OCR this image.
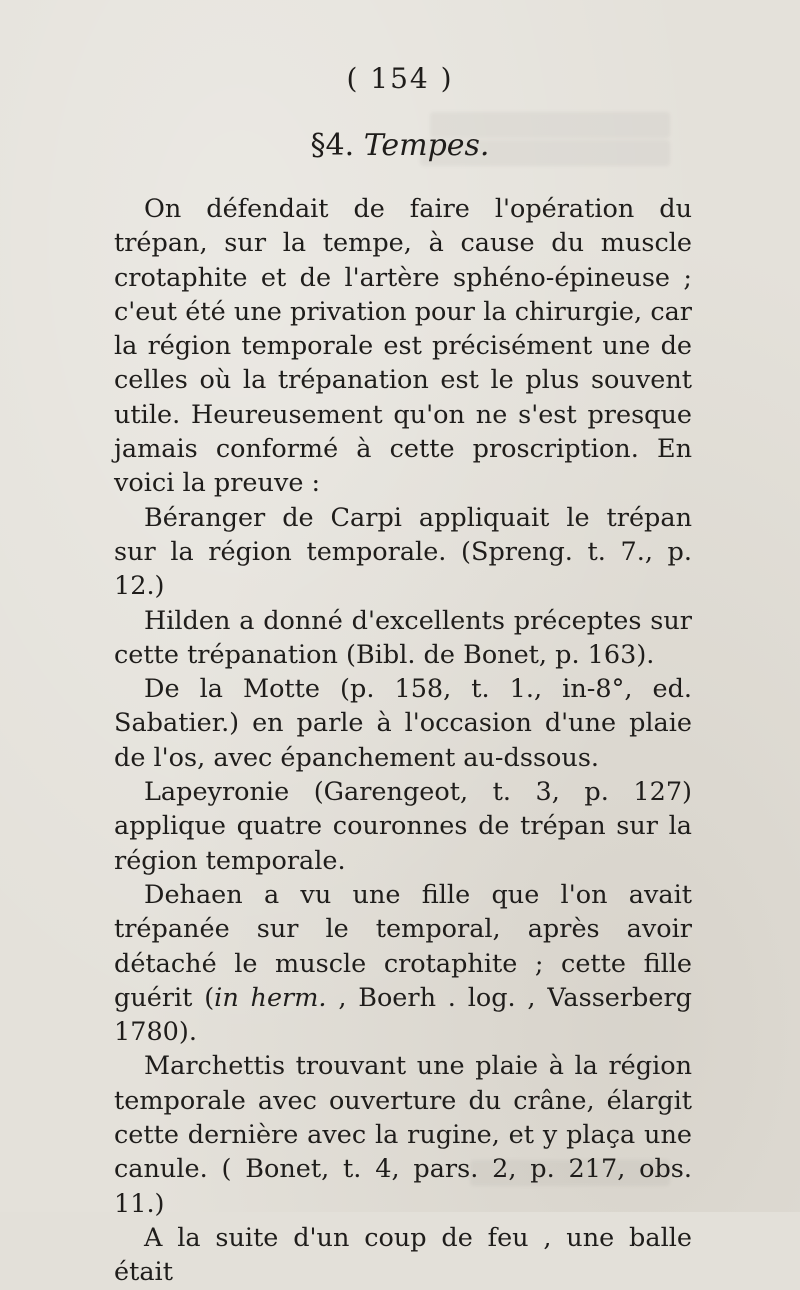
( 154 )
§4. Tempes.

On défendait de faire l'opération du trépan, sur la tempe, à cause du muscle crotaphite et de l'artère sphéno-épineuse ; c'eut été une privation pour la chirurgie, car la région temporale est précisément une de celles où la trépanation est le plus souvent utile. Heureusement qu'on ne s'est presque jamais conformé à cette proscription. En voici la preuve :

Béranger de Carpi appliquait le trépan sur la région temporale. (Spreng. t. 7., p. 12.)

Hilden a donné d'excellents préceptes sur cette trépanation (Bibl. de Bonet, p. 163).

De la Motte (p. 158, t. 1., in-8°, ed. Sabatier.) en parle à l'occasion d'une plaie de l'os, avec épanchement au-dssous.

Lapeyronie (Garengeot, t. 3, p. 127) applique quatre couronnes de trépan sur la région temporale.

Dehaen a vu une fille que l'on avait trépanée sur le temporal, après avoir détaché le muscle crotaphite ; cette fille guérit (in herm. , Boerh . log. , Vasserberg 1780).

Marchettis trouvant une plaie à la région temporale avec ouverture du crâne, élargit cette dernière avec la rugine, et y plaça une canule. ( Bonet, t. 4, pars. 2, p. 217, obs. 11.)

A la suite d'un coup de feu , une balle était
